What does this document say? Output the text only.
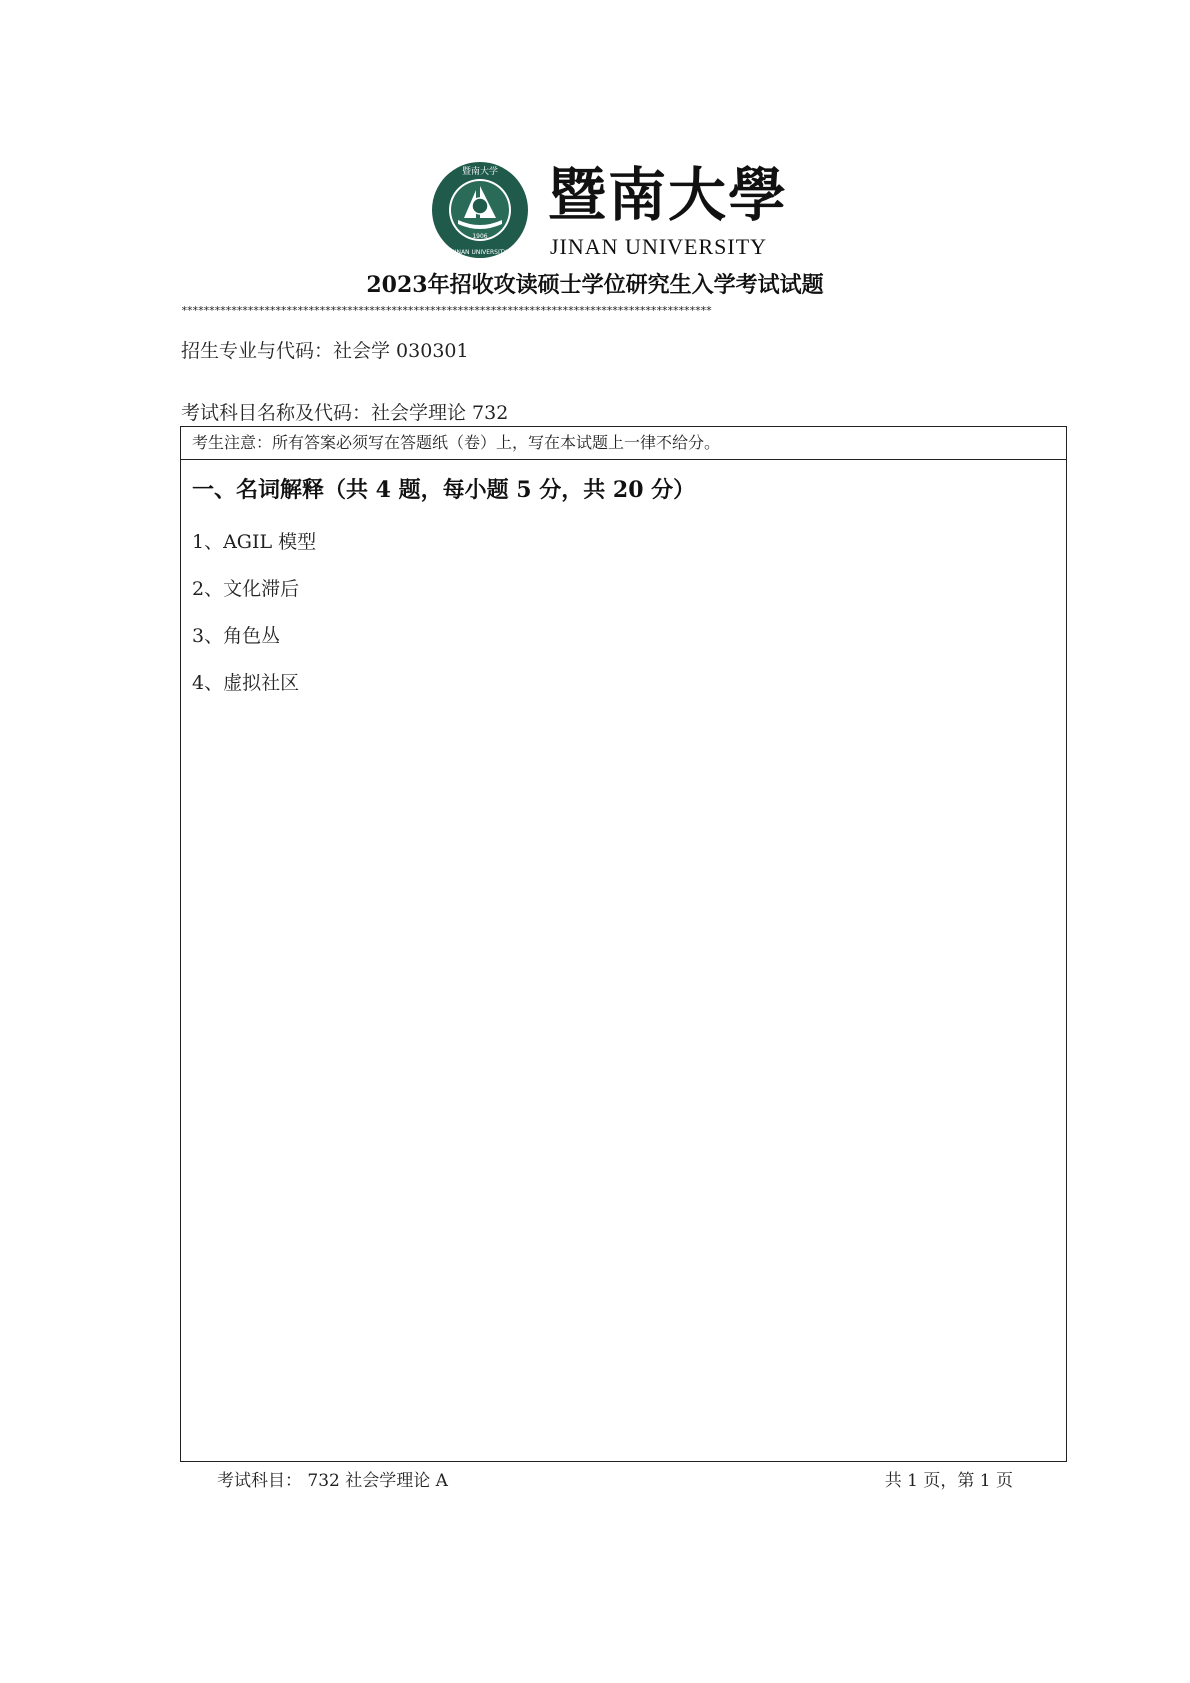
1906
暨南大学
JINAN UNIVERSITY
暨南大學
JINAN UNIVERSITY
2023年招收攻读硕士学位研究生入学考试试题
************************************************************************************************
招生专业与代码：社会学 030301
考试科目名称及代码：社会学理论 732
考生注意：所有答案必须写在答题纸（卷）上，写在本试题上一律不给分。
一、名词解释（共 4 题，每小题 5 分，共 20 分）
1、AGIL 模型
2、文化滞后
3、角色丛
4、虚拟社区
考试科目： 732 社会学理论 A	共 1 页，第 1 页
